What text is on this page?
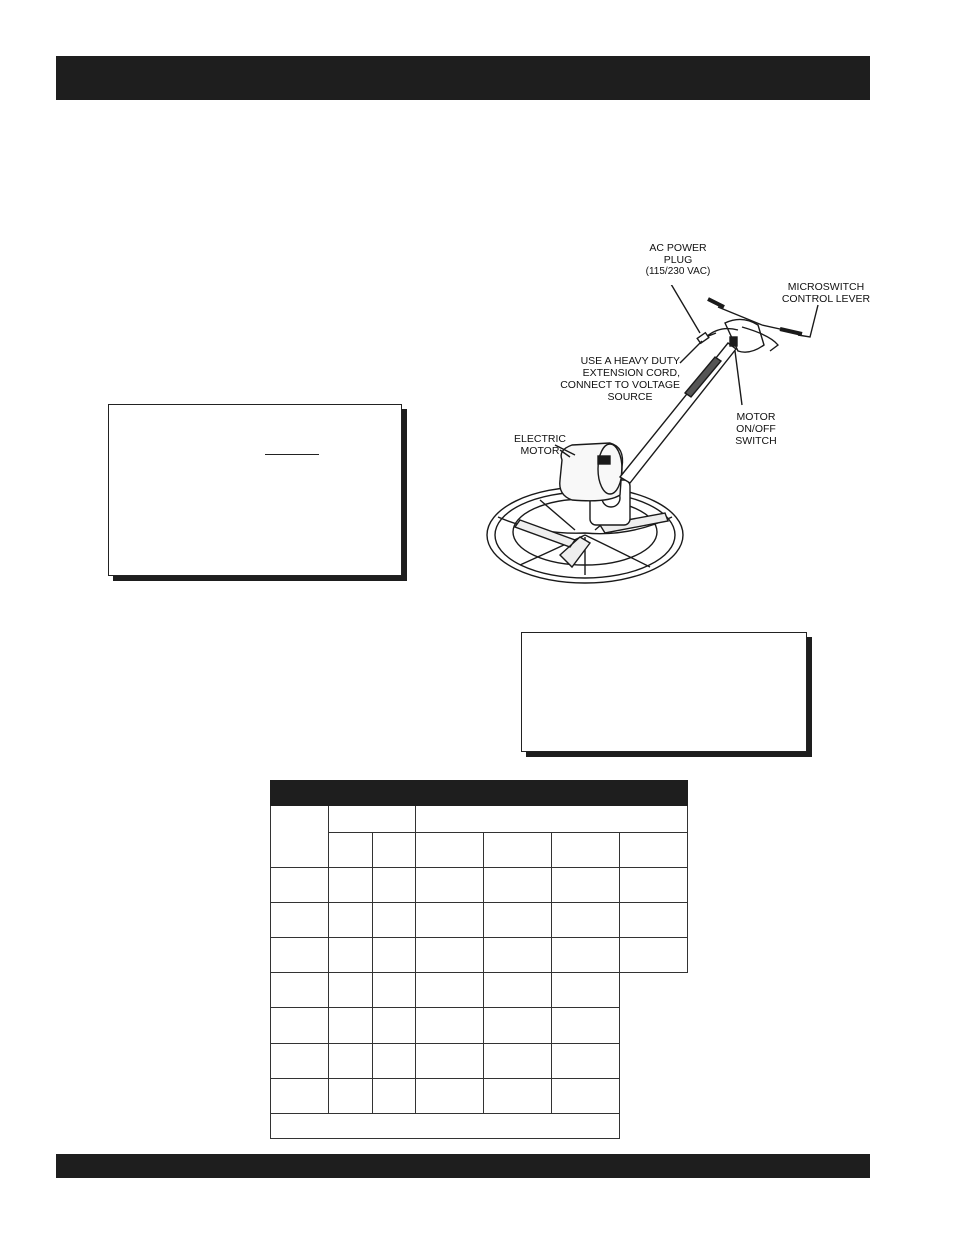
AC POWER
PLUG
(115/230 VAC)
MICROSWITCH
CONTROL LEVER
USE A HEAVY DUTY
EXTENSION CORD,
CONNECT TO VOLTAGE
SOURCE
MOTOR
ON/OFF
SWITCH
ELECTRIC
MOTOR
